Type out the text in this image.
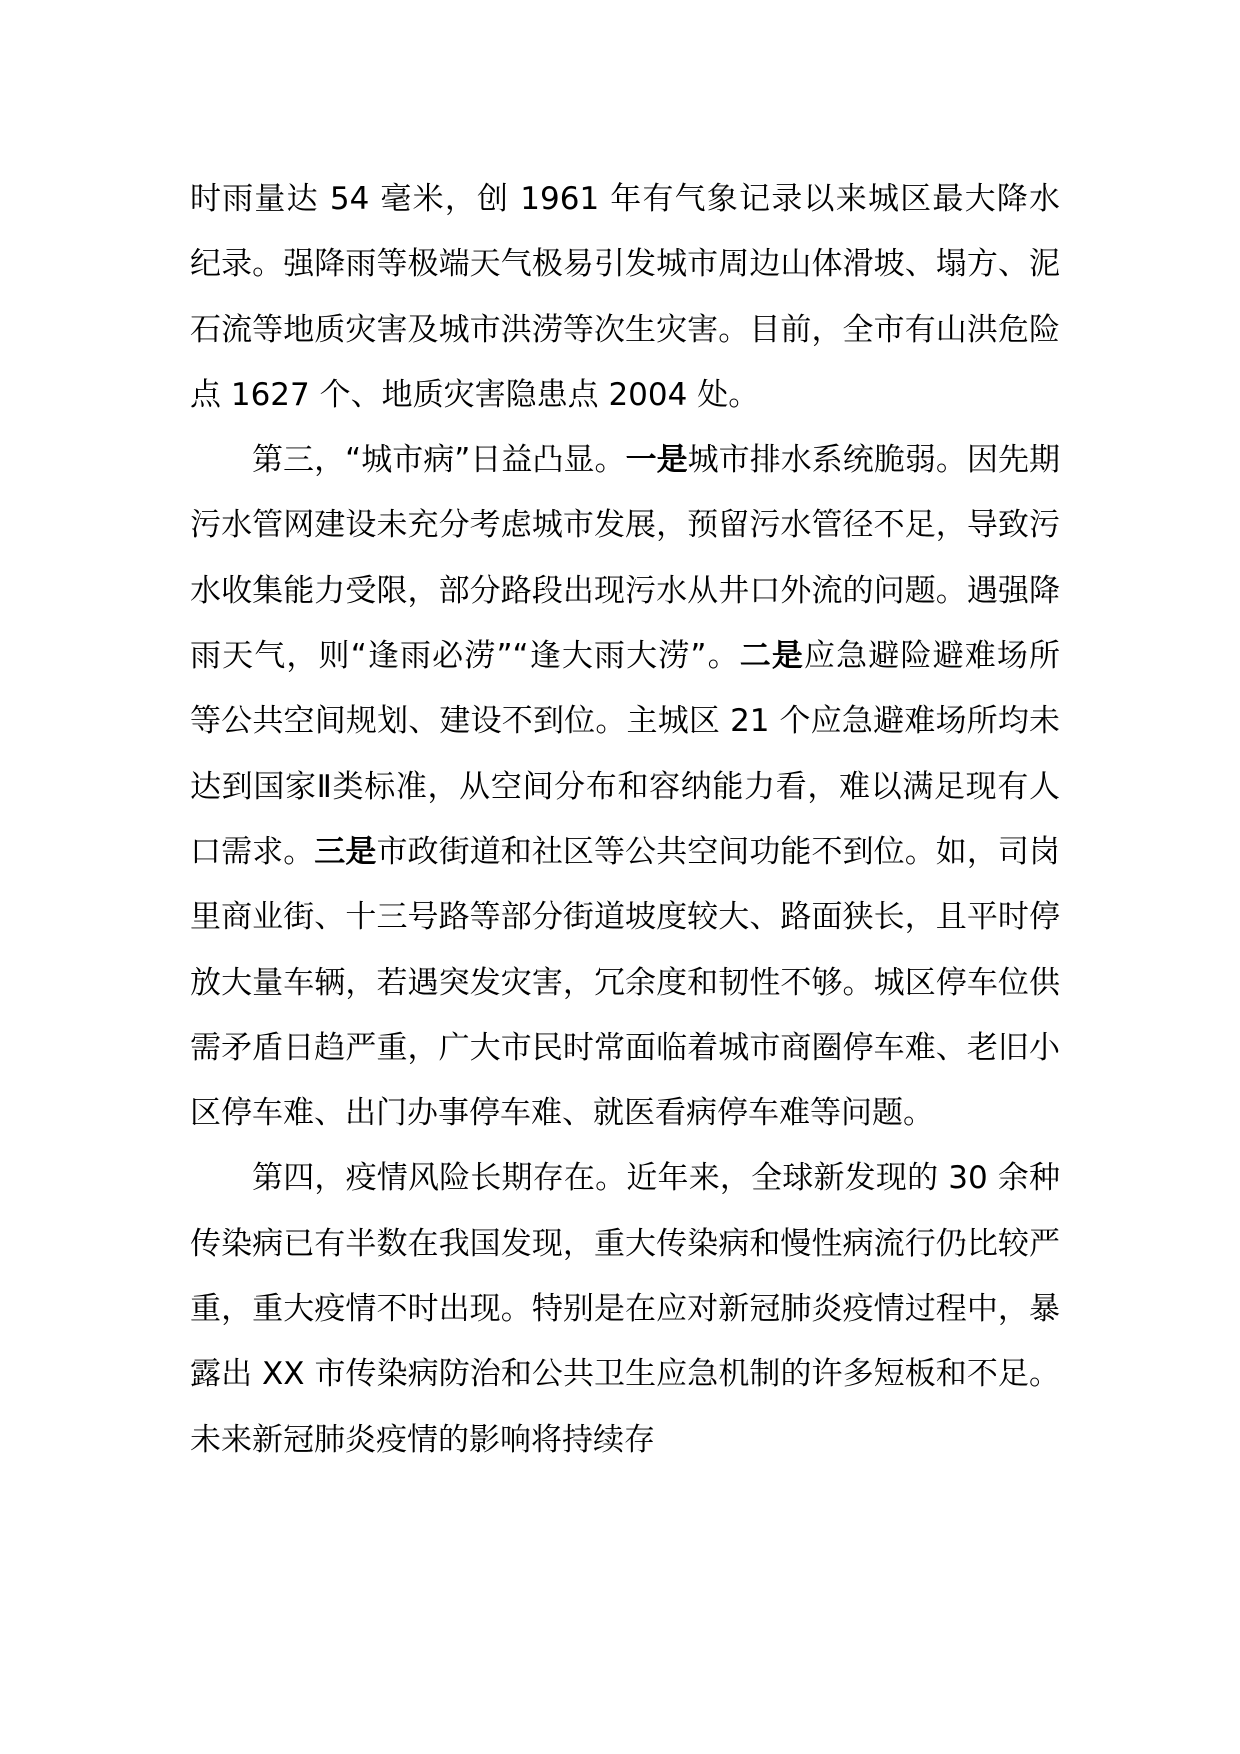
时雨量达 54 毫米，创 1961 年有气象记录以来城区最大降水纪录。强降雨等极端天气极易引发城市周边山体滑坡、塌方、泥石流等地质灾害及城市洪涝等次生灾害。目前，全市有山洪危险点 1627 个、地质灾害隐患点 2004 处。

第三，“城市病”日益凸显。一是城市排水系统脆弱。因先期污水管网建设未充分考虑城市发展，预留污水管径不足，导致污水收集能力受限，部分路段出现污水从井口外流的问题。遇强降雨天气，则“逢雨必涝”“逢大雨大涝”。二是应急避险避难场所等公共空间规划、建设不到位。主城区 21 个应急避难场所均未达到国家Ⅱ类标准，从空间分布和容纳能力看，难以满足现有人口需求。三是市政街道和社区等公共空间功能不到位。如，司岗里商业街、十三号路等部分街道坡度较大、路面狭长，且平时停放大量车辆，若遇突发灾害，冗余度和韧性不够。城区停车位供需矛盾日趋严重，广大市民时常面临着城市商圈停车难、老旧小区停车难、出门办事停车难、就医看病停车难等问题。

第四，疫情风险长期存在。近年来，全球新发现的 30 余种传染病已有半数在我国发现，重大传染病和慢性病流行仍比较严重，重大疫情不时出现。特别是在应对新冠肺炎疫情过程中，暴露出 XX 市传染病防治和公共卫生应急机制的许多短板和不足。未来新冠肺炎疫情的影响将持续存
